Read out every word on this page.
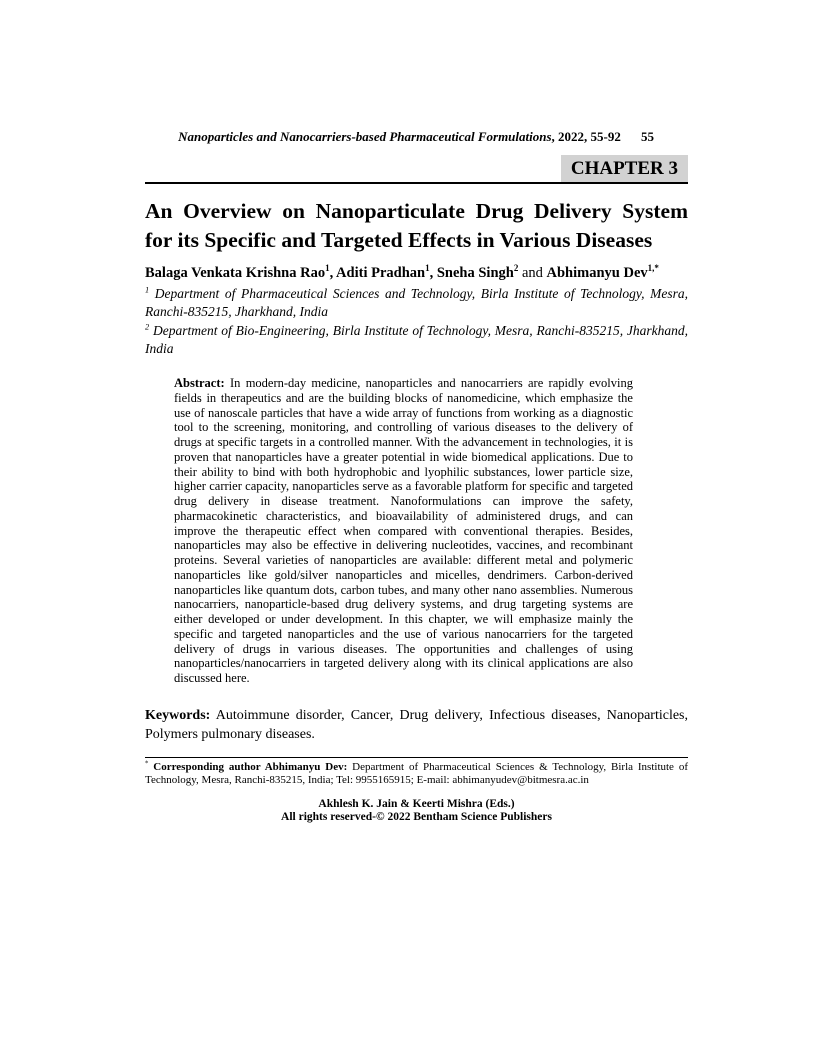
Nanoparticles and Nanocarriers-based Pharmaceutical Formulations, 2022, 55-92 55
CHAPTER 3
An Overview on Nanoparticulate Drug Delivery System for its Specific and Targeted Effects in Various Diseases

Balaga Venkata Krishna Rao$^1$, Aditi Pradhan$^1$, Sneha Singh$^2$ and Abhimanyu Dev$^{1,*}$

$^1$ Department of Pharmaceutical Sciences and Technology, Birla Institute of Technology, Mesra, Ranchi-835215, Jharkhand, India

$^2$ Department of Bio-Engineering, Birla Institute of Technology, Mesra, Ranchi-835215, Jharkhand, India

Abstract: In modern-day medicine, nanoparticles and nanocarriers are rapidly evolving fields in therapeutics and are the building blocks of nanomedicine, which emphasize the use of nanoscale particles that have a wide array of functions from working as a diagnostic tool to the screening, monitoring, and controlling of various diseases to the delivery of drugs at specific targets in a controlled manner. With the advancement in technologies, it is proven that nanoparticles have a greater potential in wide biomedical applications. Due to their ability to bind with both hydrophobic and lyophilic substances, lower particle size, higher carrier capacity, nanoparticles serve as a favorable platform for specific and targeted drug delivery in disease treatment. Nanoformulations can improve the safety, pharmacokinetic characteristics, and bioavailability of administered drugs, and can improve the therapeutic effect when compared with conventional therapies. Besides, nanoparticles may also be effective in delivering nucleotides, vaccines, and recombinant proteins. Several varieties of nanoparticles are available: different metal and polymeric nanoparticles like gold/silver nanoparticles and micelles, dendrimers. Carbon-derived nanoparticles like quantum dots, carbon tubes, and many other nano assemblies. Numerous nanocarriers, nanoparticle-based drug delivery systems, and drug targeting systems are either developed or under development. In this chapter, we will emphasize mainly the specific and targeted nanoparticles and the use of various nanocarriers for the targeted delivery of drugs in various diseases. The opportunities and challenges of using nanoparticles/nanocarriers in targeted delivery along with its clinical applications are also discussed here.

Keywords: Autoimmune disorder, Cancer, Drug delivery, Infectious diseases, Nanoparticles, Polymers pulmonary diseases.

* Corresponding author Abhimanyu Dev: Department of Pharmaceutical Sciences & Technology, Birla Institute of Technology, Mesra, Ranchi-835215, India; Tel: 9955165915; E-mail: abhimanyudev@bitmesra.ac.in

Akhlesh K. Jain & Keerti Mishra (Eds.)
All rights reserved-© 2022 Bentham Science Publishers
